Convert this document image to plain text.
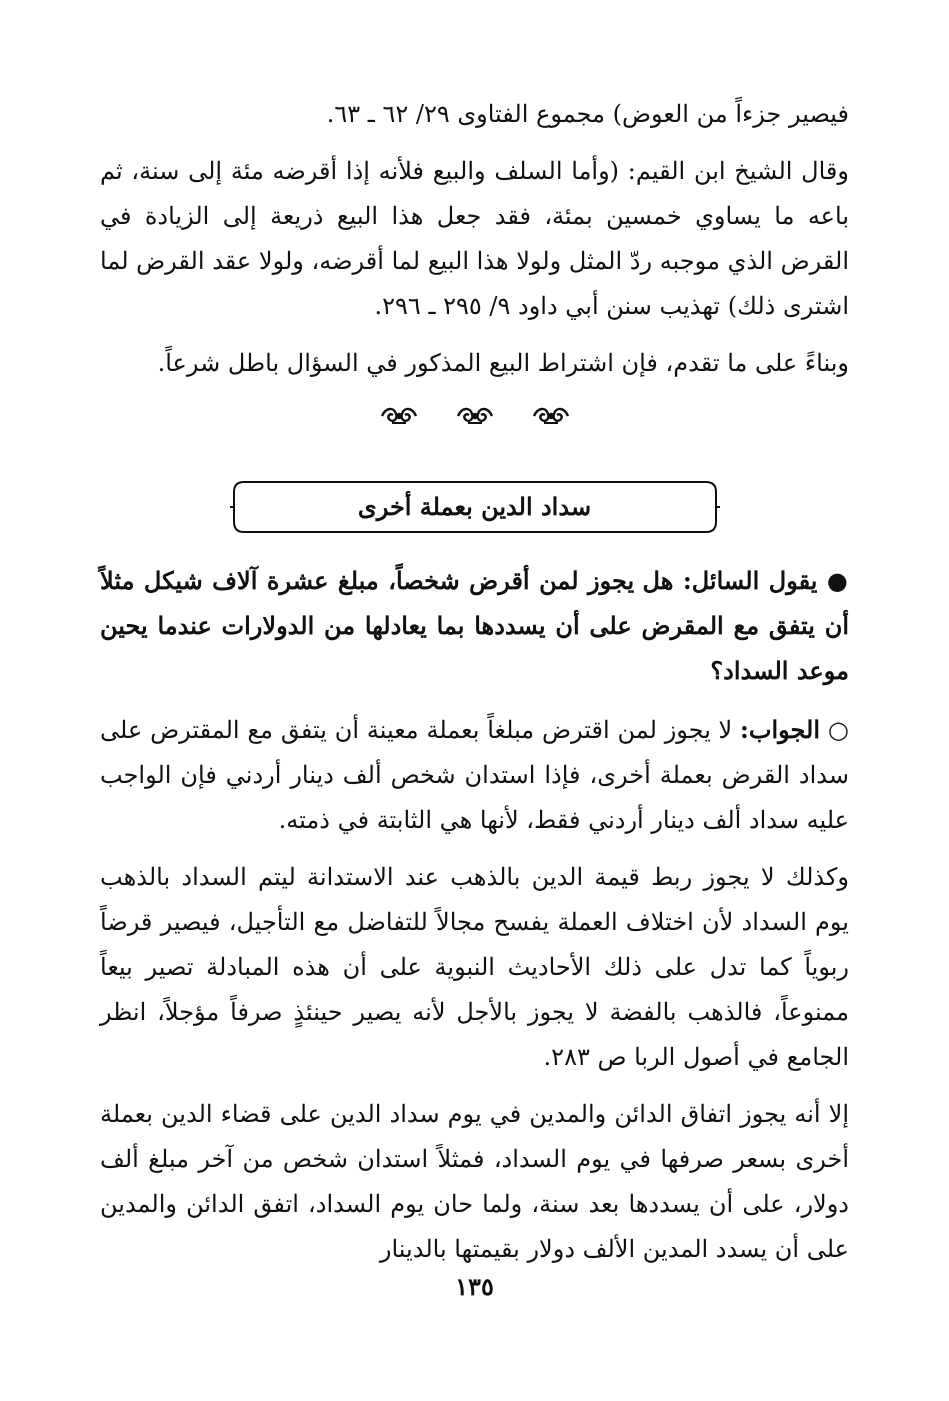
فيصير جزءاً من العوض) مجموع الفتاوى ٢٩/ ٦٢ ـ ٦٣.

وقال الشيخ ابن القيم: (وأما السلف والبيع فلأنه إذا أقرضه مئة إلى سنة، ثم باعه ما يساوي خمسين بمئة، فقد جعل هذا البيع ذريعة إلى الزيادة في القرض الذي موجبه ردّ المثل ولولا هذا البيع لما أقرضه، ولولا عقد القرض لما اشترى ذلك) تهذيب سنن أبي داود ٩/ ٢٩٥ ـ ٢٩٦.

وبناءً على ما تقدم، فإن اشتراط البيع المذكور في السؤال باطل شرعاً.

سداد الدين بعملة أخرى

● يقول السائل: هل يجوز لمن أقرض شخصاً، مبلغ عشرة آلاف شيكل مثلاً أن يتفق مع المقرض على أن يسددها بما يعادلها من الدولارات عندما يحين موعد السداد؟

○ الجواب: لا يجوز لمن اقترض مبلغاً بعملة معينة أن يتفق مع المقترض على سداد القرض بعملة أخرى، فإذا استدان شخص ألف دينار أردني فإن الواجب عليه سداد ألف دينار أردني فقط، لأنها هي الثابتة في ذمته.

وكذلك لا يجوز ربط قيمة الدين بالذهب عند الاستدانة ليتم السداد بالذهب يوم السداد لأن اختلاف العملة يفسح مجالاً للتفاضل مع التأجيل، فيصير قرضاً ربوياً كما تدل على ذلك الأحاديث النبوية على أن هذه المبادلة تصير بيعاً ممنوعاً، فالذهب بالفضة لا يجوز بالأجل لأنه يصير حينئذٍ صرفاً مؤجلاً، انظر الجامع في أصول الربا ص ٢٨٣.

إلا أنه يجوز اتفاق الدائن والمدين في يوم سداد الدين على قضاء الدين بعملة أخرى بسعر صرفها في يوم السداد، فمثلاً استدان شخص من آخر مبلغ ألف دولار، على أن يسددها بعد سنة، ولما حان يوم السداد، اتفق الدائن والمدين على أن يسدد المدين الألف دولار بقيمتها بالدينار

١٣٥
